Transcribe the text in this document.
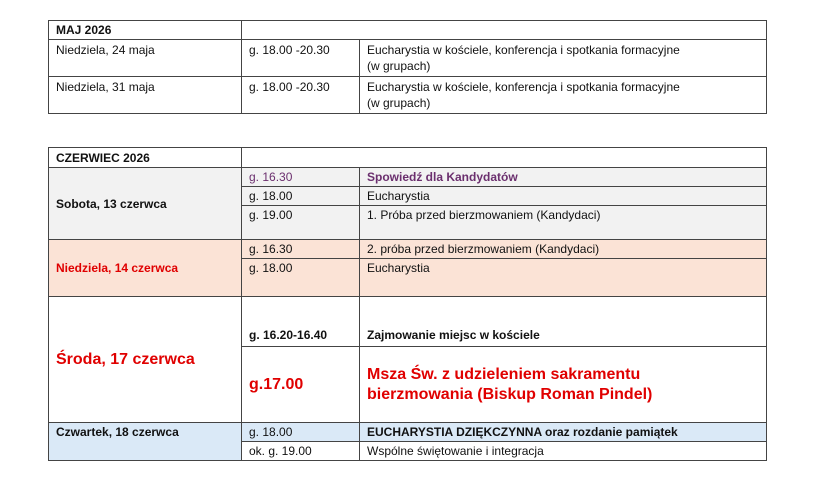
MAJ 2026		
Niedziela, 24 maja	g. 18.00 -20.30	Eucharystia w kościele, konferencja i spotkania formacyjne
(w grupach)

Niedziela, 31 maja	g. 18.00 -20.30	Eucharystia w kościele, konferencja i spotkania formacyjne
(w grupach)
CZERWIEC 2026		
Sobota, 13 czerwca	g. 16.30	Spowiedź dla Kandydatów
	g. 18.00	Eucharystia
	g. 19.00	1. Próba przed bierzmowaniem (Kandydaci)
Niedziela, 14 czerwca	g. 16.30	2. próba przed bierzmowaniem (Kandydaci)
	g. 18.00	Eucharystia
Środa, 17 czerwca	g. 16.20-16.40	Zajmowanie miejsc w kościele
	g.17.00	Msza Św. z udzieleniem sakramentu
bierzmowania (Biskup Roman Pindel)

Czwartek, 18 czerwca	g. 18.00	EUCHARYSTIA DZIĘKCZYNNA oraz rozdanie pamiątek
	ok. g. 19.00	Wspólne świętowanie i integracja
